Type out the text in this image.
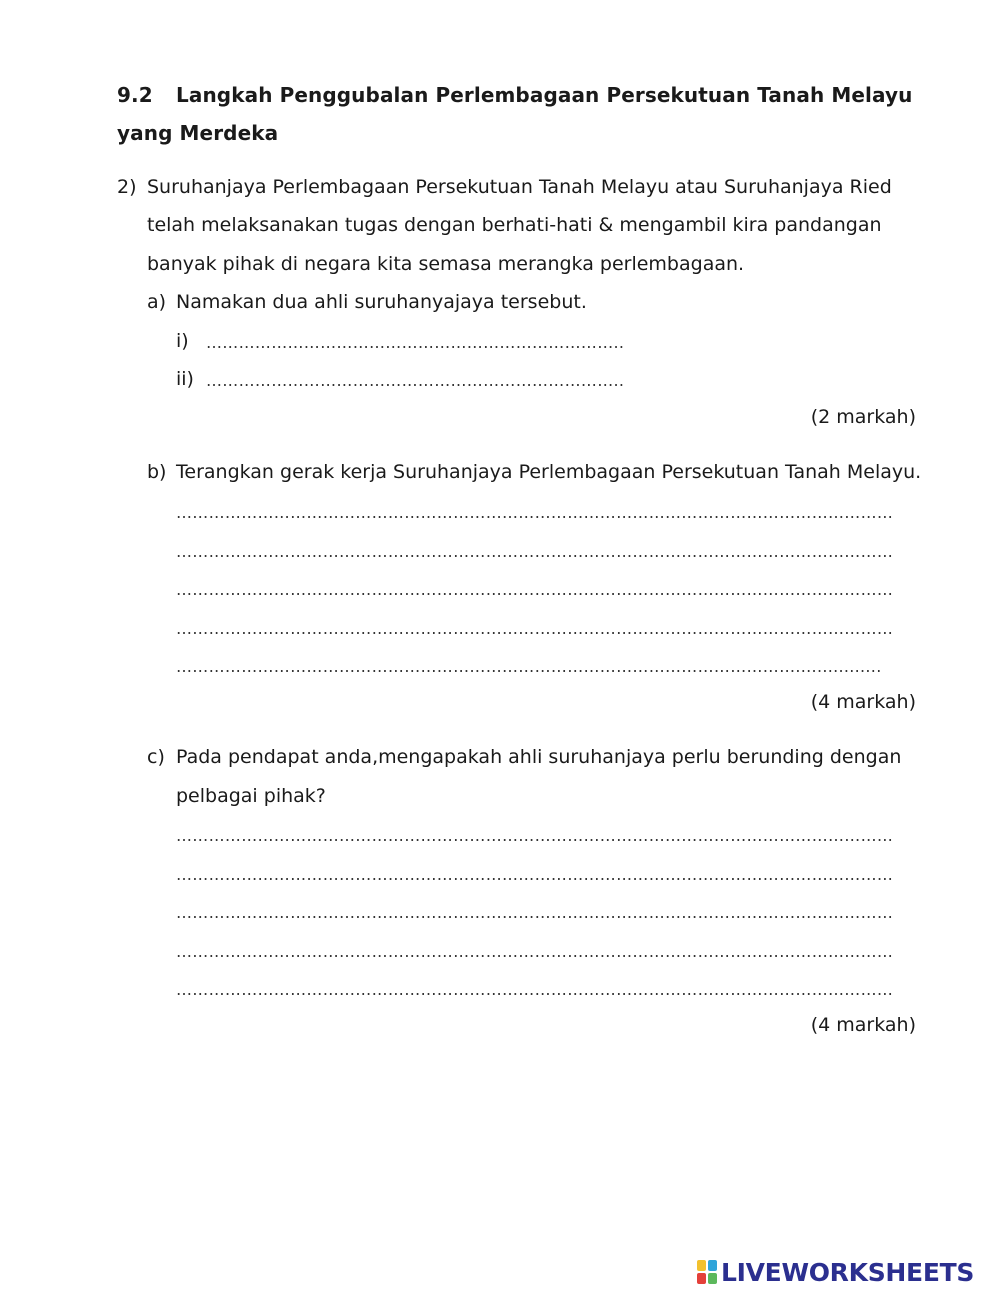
9.2 Langkah Penggubalan Perlembagaan Persekutuan Tanah Melayu
yang Merdeka
2) Suruhanjaya Perlembagaan Persekutuan Tanah Melayu atau Suruhanjaya Ried
telah melaksanakan tugas dengan berhati-hati & mengambil kira pandangan
banyak pihak di negara kita semasa merangka perlembagaan.
a) Namakan dua ahli suruhanyajaya tersebut.
i) …………………………………………………………………..
ii) …………………………………………………………………..
(2 markah)
b) Terangkan gerak kerja Suruhanjaya Perlembagaan Persekutuan Tanah Melayu.
……………………………………………………………………………………………………………………
……………………………………………………………………………………………………………………
……………………………………………………………………………………………………………………
……………………………………………………………………………………………………………………
……………………………………………………………………………………………………................
(4 markah)
c) Pada pendapat anda,mengapakah ahli suruhanjaya perlu berunding dengan
pelbagai pihak?
……………………………………………………………………………………………………………………
……………………………………………………………………………………………………………………
……………………………………………………………………………………………………………………
……………………………………………………………………………………………………………………
……………………………………………………………………………………………………………………
(4 markah)
LIVEWORKSHEETS
